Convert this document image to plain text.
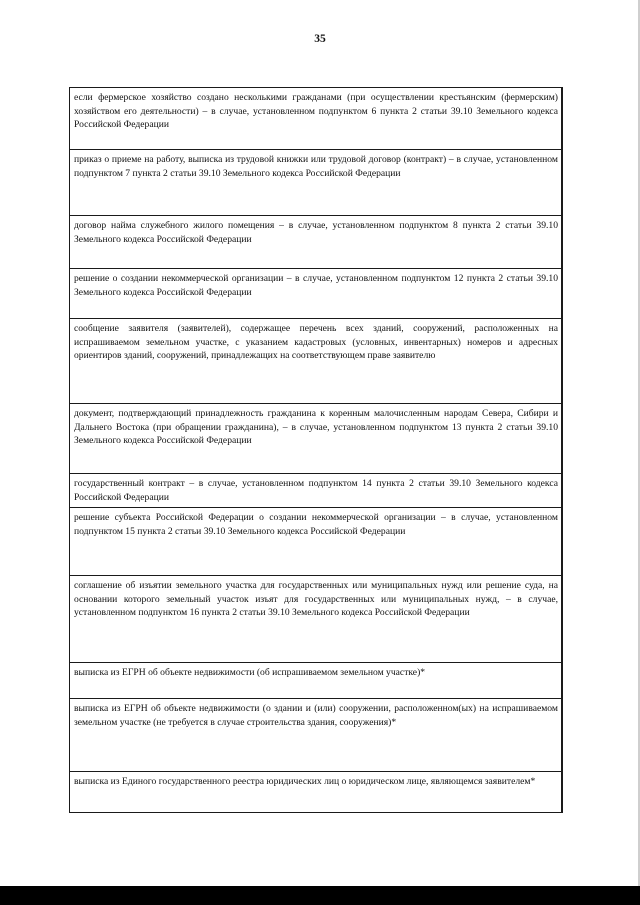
35
если фермерское хозяйство создано несколькими гражданами (при осуществлении крестьянским (фермерским) хозяйством его деятельности) – в случае, установленном подпунктом 6 пункта 2 статьи 39.10 Земельного кодекса Российской Федерации	
приказ о приеме на работу, выписка из трудовой книжки или трудовой договор (контракт) – в случае, установленном подпунктом 7 пункта 2 статьи 39.10 Земельного кодекса Российской Федерации	
договор найма служебного жилого помещения – в случае, установленном подпунктом 8 пункта 2 статьи 39.10 Земельного кодекса Российской Федерации	
решение о создании некоммерческой организации – в случае, установленном подпунктом 12 пункта 2 статьи 39.10 Земельного кодекса Российской Федерации	
сообщение заявителя (заявителей), содержащее перечень всех зданий, сооружений, расположенных на испрашиваемом земельном участке, с указанием кадастровых (условных, инвентарных) номеров и адресных ориентиров зданий, сооружений, принадлежащих на соответствующем праве заявителю	
документ, подтверждающий принадлежность гражданина к коренным малочисленным народам Севера, Сибири и Дальнего Востока (при обращении гражданина), – в случае, установленном подпунктом 13 пункта 2 статьи 39.10 Земельного кодекса Российской Федерации	
государственный контракт – в случае, установленном подпунктом 14 пункта 2 статьи 39.10 Земельного кодекса Российской Федерации	
решение субъекта Российской Федерации о создании некоммерческой организации – в случае, установленном подпунктом 15 пункта 2 статьи 39.10 Земельного кодекса Российской Федерации	
соглашение об изъятии земельного участка для государственных или муниципальных нужд или решение суда, на основании которого земельный участок изъят для государственных или муниципальных нужд, – в случае, установленном подпунктом 16 пункта 2 статьи 39.10 Земельного кодекса Российской Федерации	
выписка из ЕГРН об объекте недвижимости (об испрашиваемом земельном участке)*	
выписка из ЕГРН об объекте недвижимости (о здании и (или) сооружении, расположенном(ых) на испрашиваемом земельном участке (не требуется в случае строительства здания, сооружения)*	
выписка из Единого государственного реестра юридических лиц о юридическом лице, являющемся заявителем*	
